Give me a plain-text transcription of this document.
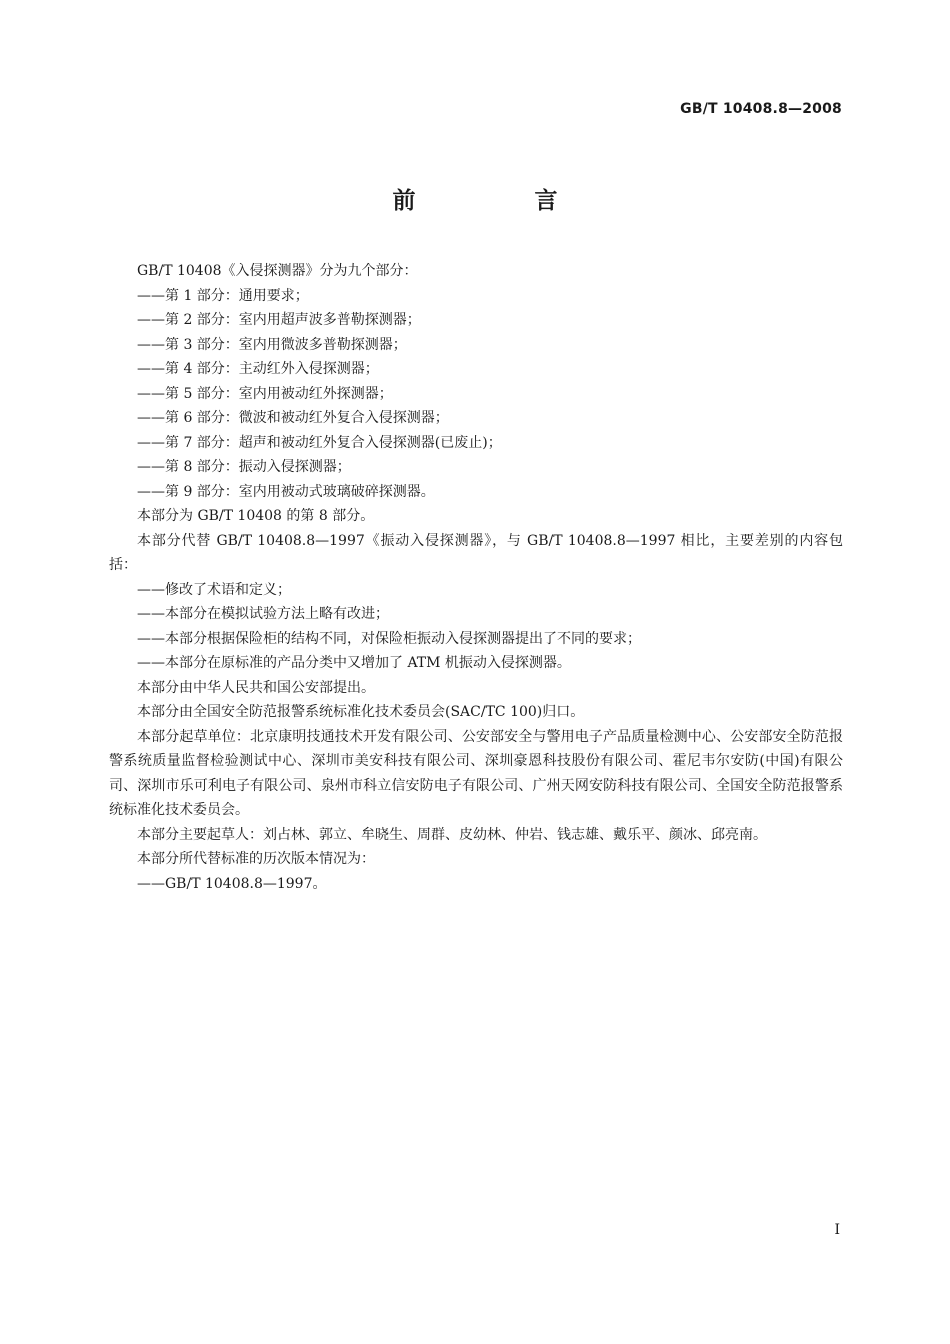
GB/T 10408.8—2008
前　言

GB/T 10408《入侵探测器》分为九个部分：

——第 1 部分：通用要求；

——第 2 部分：室内用超声波多普勒探测器；

——第 3 部分：室内用微波多普勒探测器；

——第 4 部分：主动红外入侵探测器；

——第 5 部分：室内用被动红外探测器；

——第 6 部分：微波和被动红外复合入侵探测器；

——第 7 部分：超声和被动红外复合入侵探测器(已废止)；

——第 8 部分：振动入侵探测器；

——第 9 部分：室内用被动式玻璃破碎探测器。

本部分为 GB/T 10408 的第 8 部分。

本部分代替 GB/T 10408.8—1997《振动入侵探测器》，与 GB/T 10408.8—1997 相比，主要差别的内容包括：

——修改了术语和定义；

——本部分在模拟试验方法上略有改进；

——本部分根据保险柜的结构不同，对保险柜振动入侵探测器提出了不同的要求；

——本部分在原标准的产品分类中又增加了 ATM 机振动入侵探测器。

本部分由中华人民共和国公安部提出。

本部分由全国安全防范报警系统标准化技术委员会(SAC/TC 100)归口。

本部分起草单位：北京康明技通技术开发有限公司、公安部安全与警用电子产品质量检测中心、公安部安全防范报警系统质量监督检验测试中心、深圳市美安科技有限公司、深圳豪恩科技股份有限公司、霍尼韦尔安防(中国)有限公司、深圳市乐可利电子有限公司、泉州市科立信安防电子有限公司、广州天网安防科技有限公司、全国安全防范报警系统标准化技术委员会。

本部分主要起草人：刘占林、郭立、牟晓生、周群、皮幼林、仲岩、钱志雄、戴乐平、颜冰、邱亮南。

本部分所代替标准的历次版本情况为：

——GB/T 10408.8—1997。

I
